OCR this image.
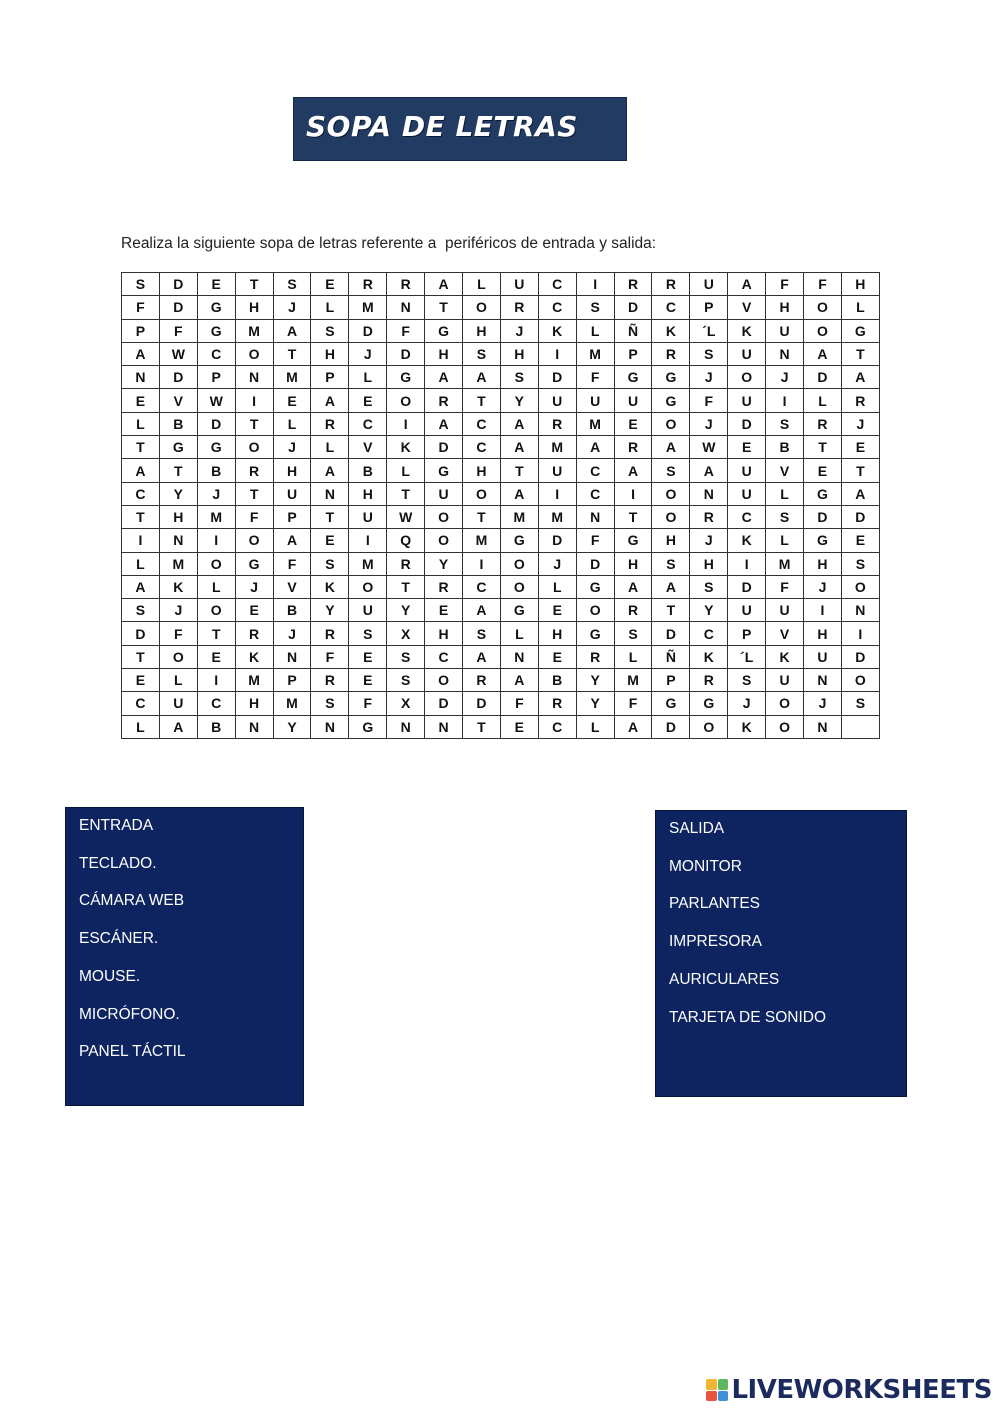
SOPA DE LETRAS
Realiza la siguiente sopa de letras referente a  periféricos de entrada y salida:
S	D	E	T	S	E	R	R	A	L	U	C	I	R	R	U	A	F	F	H
F	D	G	H	J	L	M	N	T	O	R	C	S	D	C	P	V	H	O	L
P	F	G	M	A	S	D	F	G	H	J	K	L	Ñ	K	´L	K	U	O	G
A	W	C	O	T	H	J	D	H	S	H	I	M	P	R	S	U	N	A	T
N	D	P	N	M	P	L	G	A	A	S	D	F	G	G	J	O	J	D	A
E	V	W	I	E	A	E	O	R	T	Y	U	U	U	G	F	U	I	L	R
L	B	D	T	L	R	C	I	A	C	A	R	M	E	O	J	D	S	R	J
T	G	G	O	J	L	V	K	D	C	A	M	A	R	A	W	E	B	T	E
A	T	B	R	H	A	B	L	G	H	T	U	C	A	S	A	U	V	E	T
C	Y	J	T	U	N	H	T	U	O	A	I	C	I	O	N	U	L	G	A
T	H	M	F	P	T	U	W	O	T	M	M	N	T	O	R	C	S	D	D
I	N	I	O	A	E	I	Q	O	M	G	D	F	G	H	J	K	L	G	E
L	M	O	G	F	S	M	R	Y	I	O	J	D	H	S	H	I	M	H	S
A	K	L	J	V	K	O	T	R	C	O	L	G	A	A	S	D	F	J	O
S	J	O	E	B	Y	U	Y	E	A	G	E	O	R	T	Y	U	U	I	N
D	F	T	R	J	R	S	X	H	S	L	H	G	S	D	C	P	V	H	I
T	O	E	K	N	F	E	S	C	A	N	E	R	L	Ñ	K	´L	K	U	D
E	L	I	M	P	R	E	S	O	R	A	B	Y	M	P	R	S	U	N	O
C	U	C	H	M	S	F	X	D	D	F	R	Y	F	G	G	J	O	J	S
L	A	B	N	Y	N	G	N	N	T	E	C	L	A	D	O	K	O	N	
ENTRADA
TECLADO.
CÁMARA WEB
ESCÁNER.
MOUSE.
MICRÓFONO.
PANEL TÁCTIL
SALIDA
MONITOR
PARLANTES
IMPRESORA
AURICULARES
TARJETA DE SONIDO
LIVEWORKSHEETS
